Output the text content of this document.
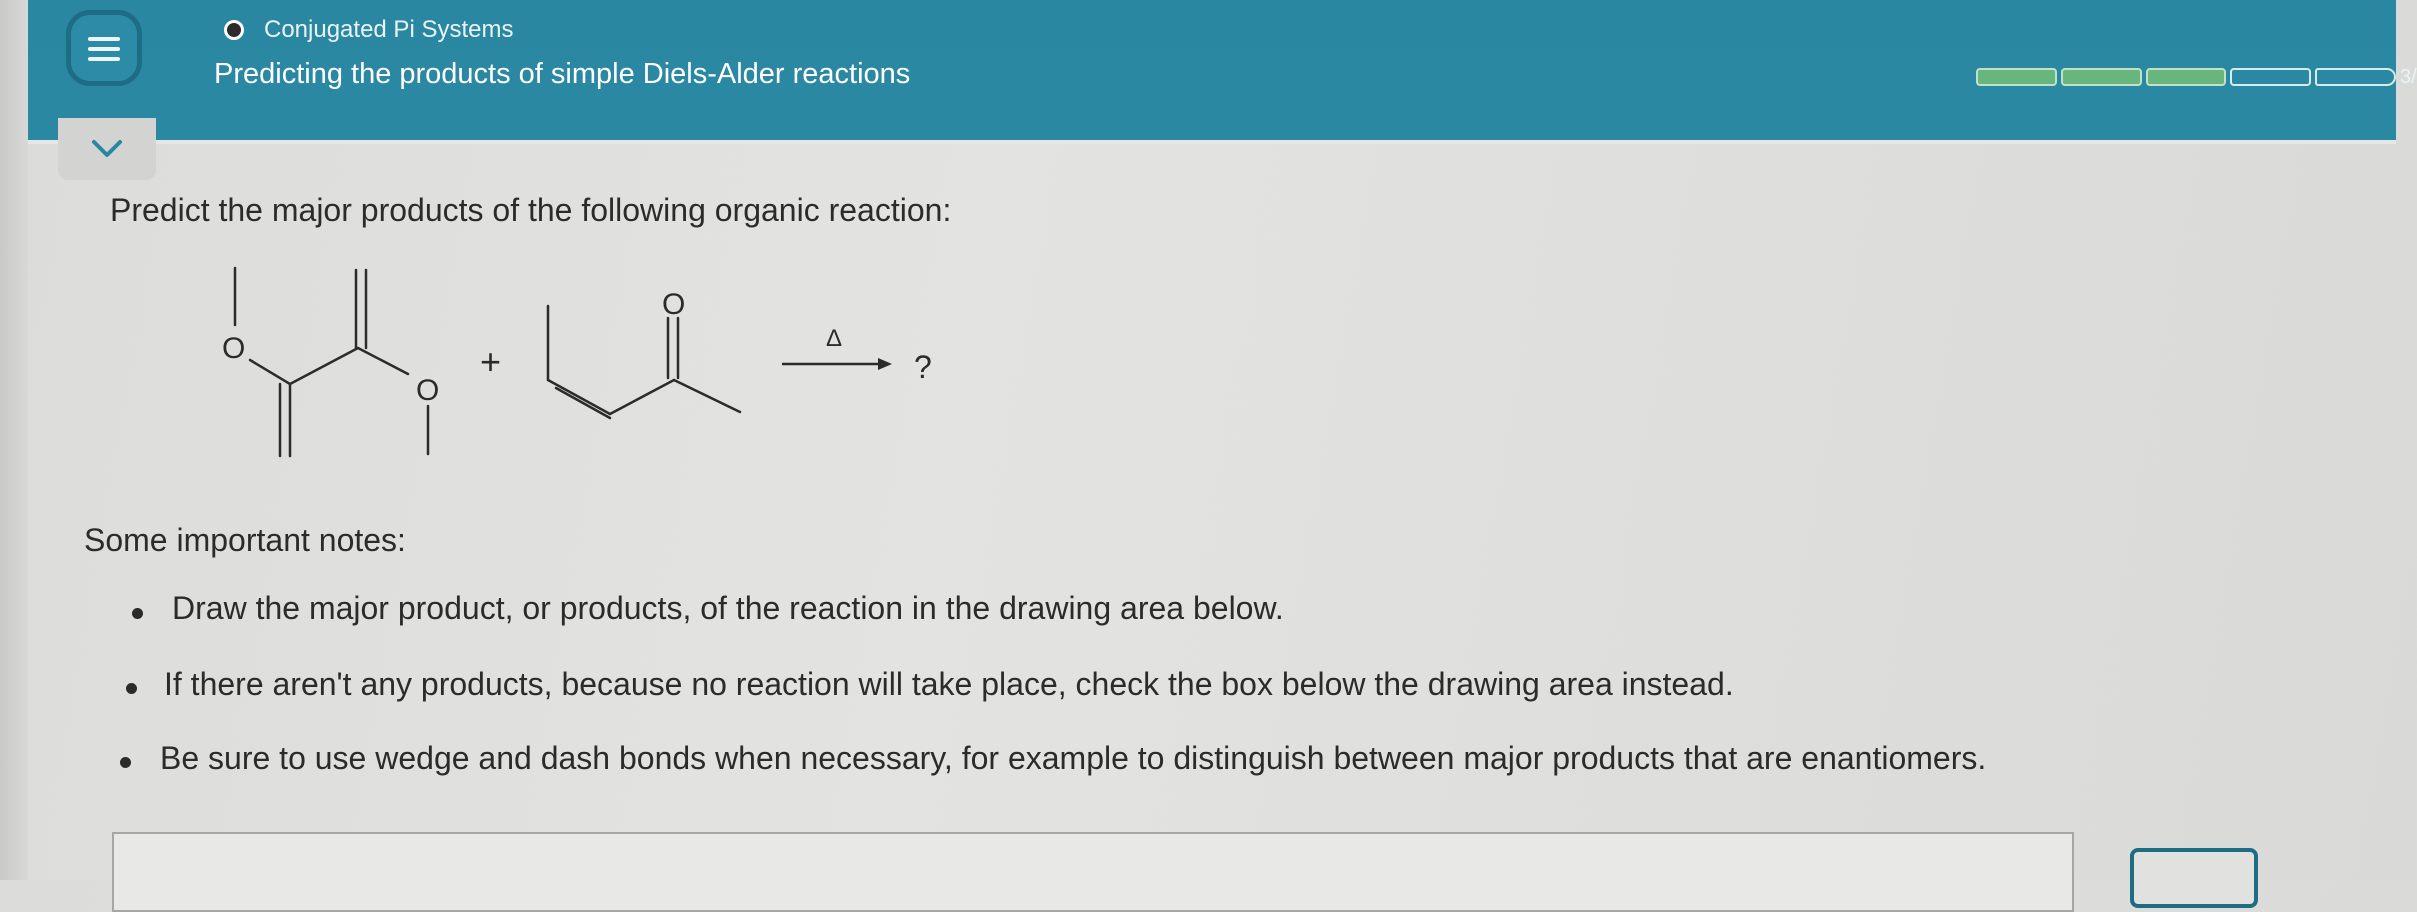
Conjugated Pi Systems
Predicting the products of simple Diels-Alder reactions	3/
Predict the major products of the following organic reaction:
O
O
+
O
Δ
?
Some important notes:
Draw the major product, or products, of the reaction in the drawing area below.
If there aren't any products, because no reaction will take place, check the box below the drawing area instead.
Be sure to use wedge and dash bonds when necessary, for example to distinguish between major products that are enantiomers.
